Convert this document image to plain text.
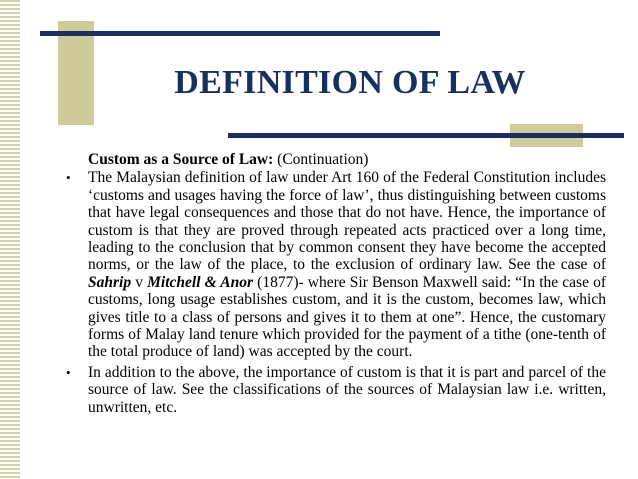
DEFINITION OF LAW

Custom as a Source of Law: (Continuation)

• The Malaysian definition of law under Art 160 of the Federal Constitution includes ‘customs and usages having the force of law’, thus distinguishing between customs that have legal consequences and those that do not have. Hence, the importance of custom is that they are proved through repeated acts practiced over a long time, leading to the conclusion that by common consent they have become the accepted norms, or the law of the place, to the exclusion of ordinary law. See the case of Sahrip v Mitchell & Anor (1877)- where Sir Benson Maxwell said: “In the case of customs, long usage establishes custom, and it is the custom, becomes law, which gives title to a class of persons and gives it to them at one”. Hence, the customary forms of Malay land tenure which provided for the payment of a tithe (one-tenth of the total produce of land) was accepted by the court.
• In addition to the above, the importance of custom is that it is part and parcel of the source of law. See the classifications of the sources of Malaysian law i.e. written, unwritten, etc.
